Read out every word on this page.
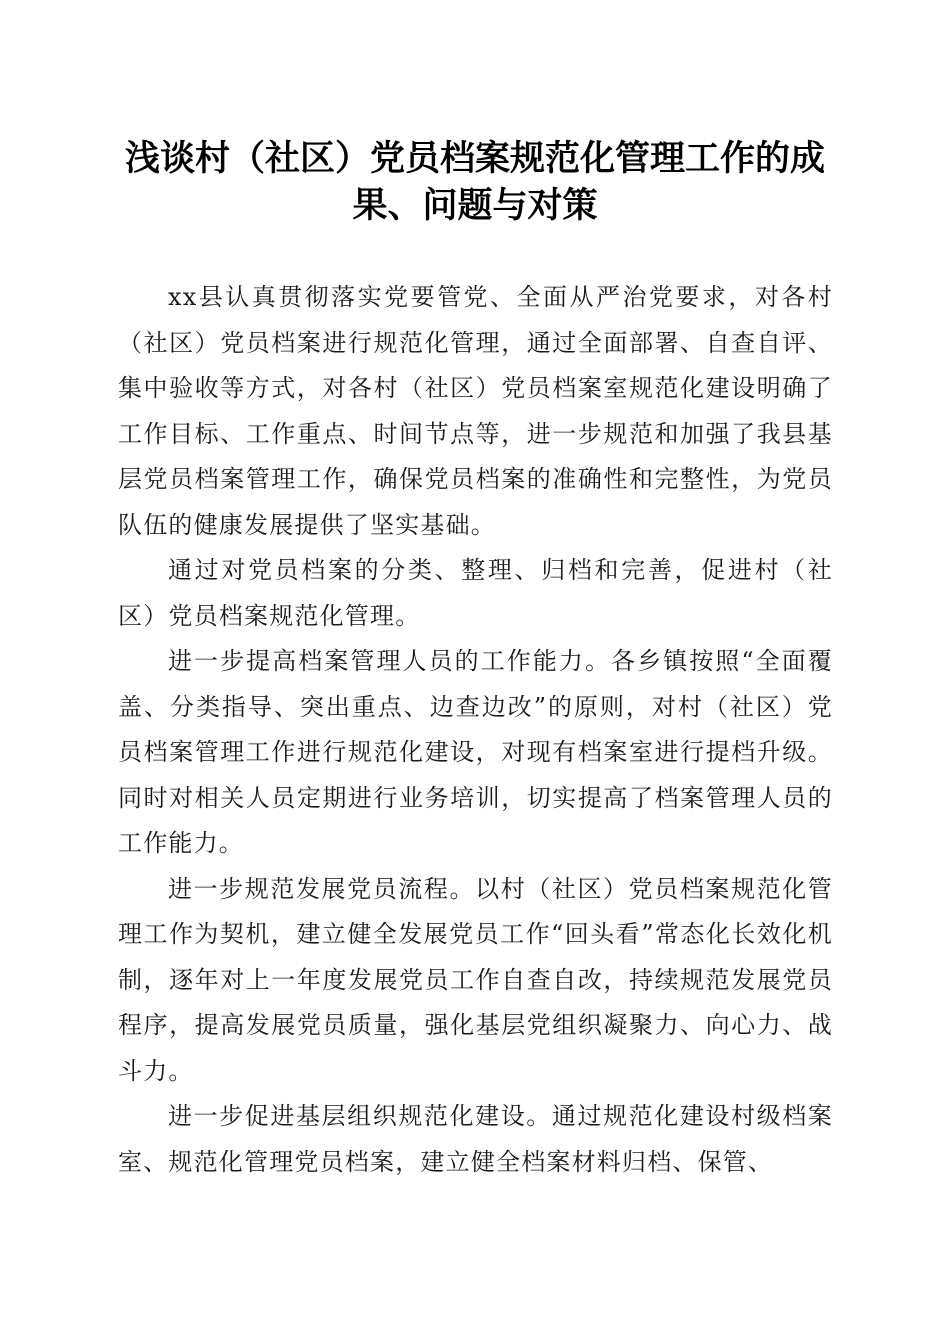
浅谈村（社区）党员档案规范化管理工作的成
果、问题与对策

xx县认真贯彻落实党要管党、全面从严治党要求，对各村（社区）党员档案进行规范化管理，通过全面部署、自查自评、集中验收等方式，对各村（社区）党员档案室规范化建设明确了工作目标、工作重点、时间节点等，进一步规范和加强了我县基层党员档案管理工作，确保党员档案的准确性和完整性，为党员队伍的健康发展提供了坚实基础。

通过对党员档案的分类、整理、归档和完善，促进村（社区）党员档案规范化管理。

进一步提高档案管理人员的工作能力。各乡镇按照“全面覆盖、分类指导、突出重点、边查边改”的原则，对村（社区）党员档案管理工作进行规范化建设，对现有档案室进行提档升级。同时对相关人员定期进行业务培训，切实提高了档案管理人员的工作能力。

进一步规范发展党员流程。以村（社区）党员档案规范化管理工作为契机，建立健全发展党员工作“回头看”常态化长效化机制，逐年对上一年度发展党员工作自查自改，持续规范发展党员程序，提高发展党员质量，强化基层党组织凝聚力、向心力、战斗力。

进一步促进基层组织规范化建设。通过规范化建设村级档案室、规范化管理党员档案，建立健全档案材料归档、保管、
